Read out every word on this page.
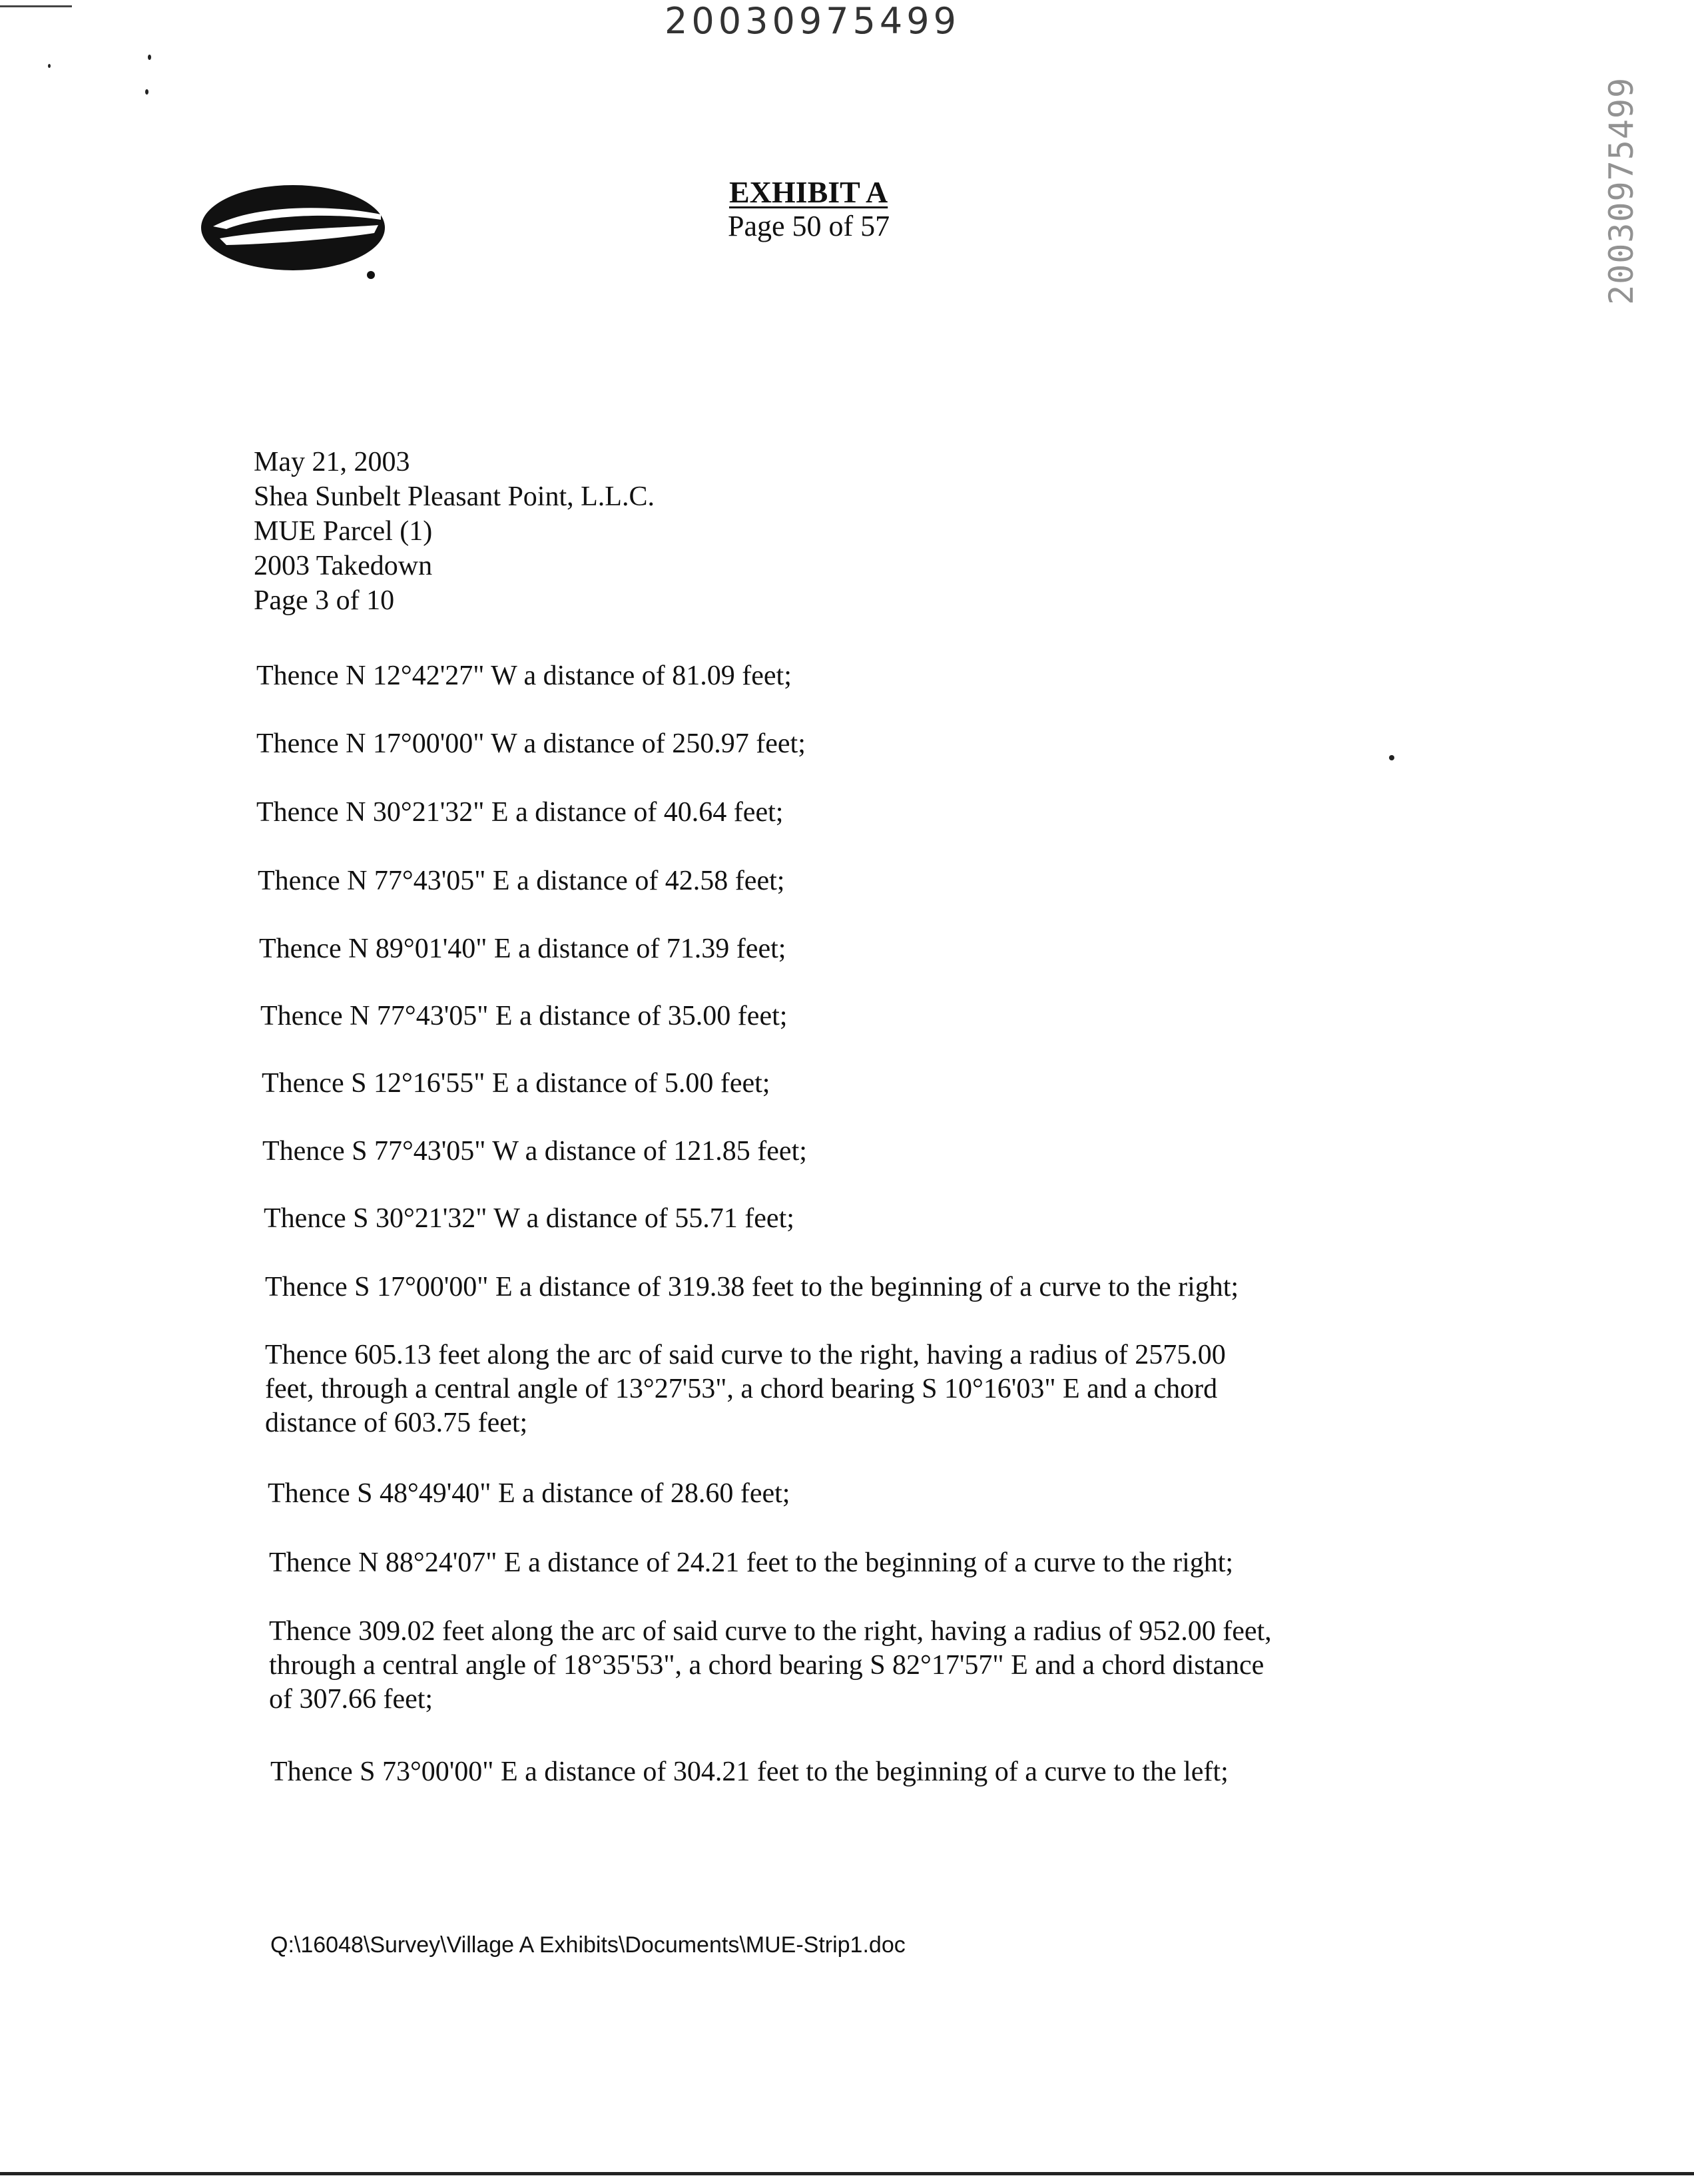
20030975499
EXHIBIT A
Page 50 of 57	20030975499
May 21, 2003
Shea Sunbelt Pleasant Point, L.L.C.
MUE Parcel (1)
2003 Takedown
Page 3 of 10
Thence N 12°42'27" W a distance of 81.09 feet;
Thence N 17°00'00" W a distance of 250.97 feet;
Thence N 30°21'32" E a distance of 40.64 feet;
Thence N 77°43'05" E a distance of 42.58 feet;
Thence N 89°01'40" E a distance of 71.39 feet;
Thence N 77°43'05" E a distance of 35.00 feet;
Thence S 12°16'55" E a distance of 5.00 feet;
Thence S 77°43'05" W a distance of 121.85 feet;
Thence S 30°21'32" W a distance of 55.71 feet;
Thence S 17°00'00" E a distance of 319.38 feet to the beginning of a curve to the right;
Thence 605.13 feet along the arc of said curve to the right, having a radius of 2575.00
feet, through a central angle of 13°27'53", a chord bearing S 10°16'03" E and a chord
distance of 603.75 feet;
Thence S 48°49'40" E a distance of 28.60 feet;
Thence N 88°24'07" E a distance of 24.21 feet to the beginning of a curve to the right;
Thence 309.02 feet along the arc of said curve to the right, having a radius of 952.00 feet,
through a central angle of 18°35'53", a chord bearing S 82°17'57" E and a chord distance
of 307.66 feet;
Thence S 73°00'00" E a distance of 304.21 feet to the beginning of a curve to the left;
Q:\16048\Survey\Village A Exhibits\Documents\MUE-Strip1.doc
